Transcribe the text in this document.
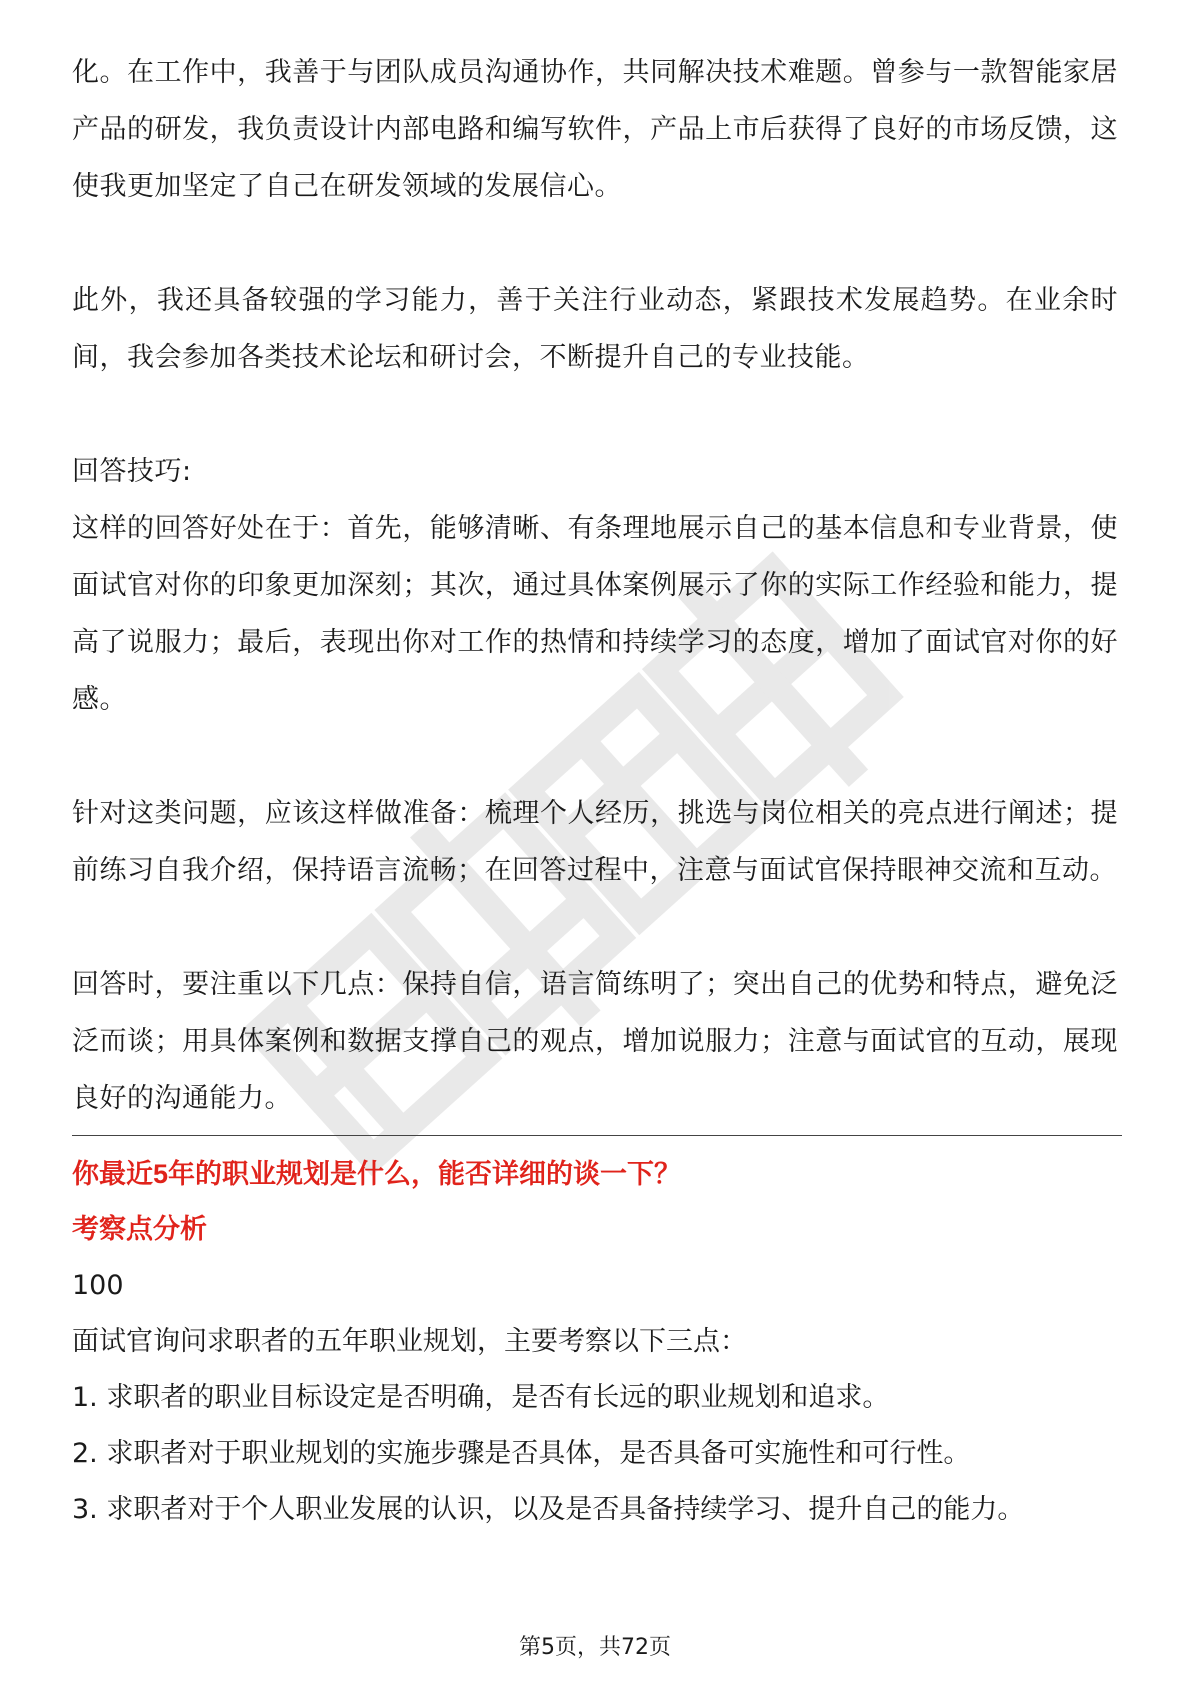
化。在工作中，我善于与团队成员沟通协作，共同解决技术难题。曾参与一款智能家居产品的研发，我负责设计内部电路和编写软件，产品上市后获得了良好的市场反馈，这使我更加坚定了自己在研发领域的发展信心。

此外，我还具备较强的学习能力，善于关注行业动态，紧跟技术发展趋势。在业余时间，我会参加各类技术论坛和研讨会，不断提升自己的专业技能。

回答技巧:

这样的回答好处在于：首先，能够清晰、有条理地展示自己的基本信息和专业背景，使面试官对你的印象更加深刻；其次，通过具体案例展示了你的实际工作经验和能力，提高了说服力；最后，表现出你对工作的热情和持续学习的态度，增加了面试官对你的好感。

针对这类问题，应该这样做准备：梳理个人经历，挑选与岗位相关的亮点进行阐述；提前练习自我介绍，保持语言流畅；在回答过程中，注意与面试官保持眼神交流和互动。

回答时，要注重以下几点：保持自信，语言简练明了；突出自己的优势和特点，避免泛泛而谈；用具体案例和数据支撑自己的观点，增加说服力；注意与面试官的互动，展现良好的沟通能力。

你最近5年的职业规划是什么，能否详细的谈一下？

考察点分析

100

面试官询问求职者的五年职业规划，主要考察以下三点：

1. 求职者的职业目标设定是否明确，是否有长远的职业规划和追求。

2. 求职者对于职业规划的实施步骤是否具体，是否具备可实施性和可行性。

3. 求职者对于个人职业发展的认识，以及是否具备持续学习、提升自己的能力。

第5页，共72页
